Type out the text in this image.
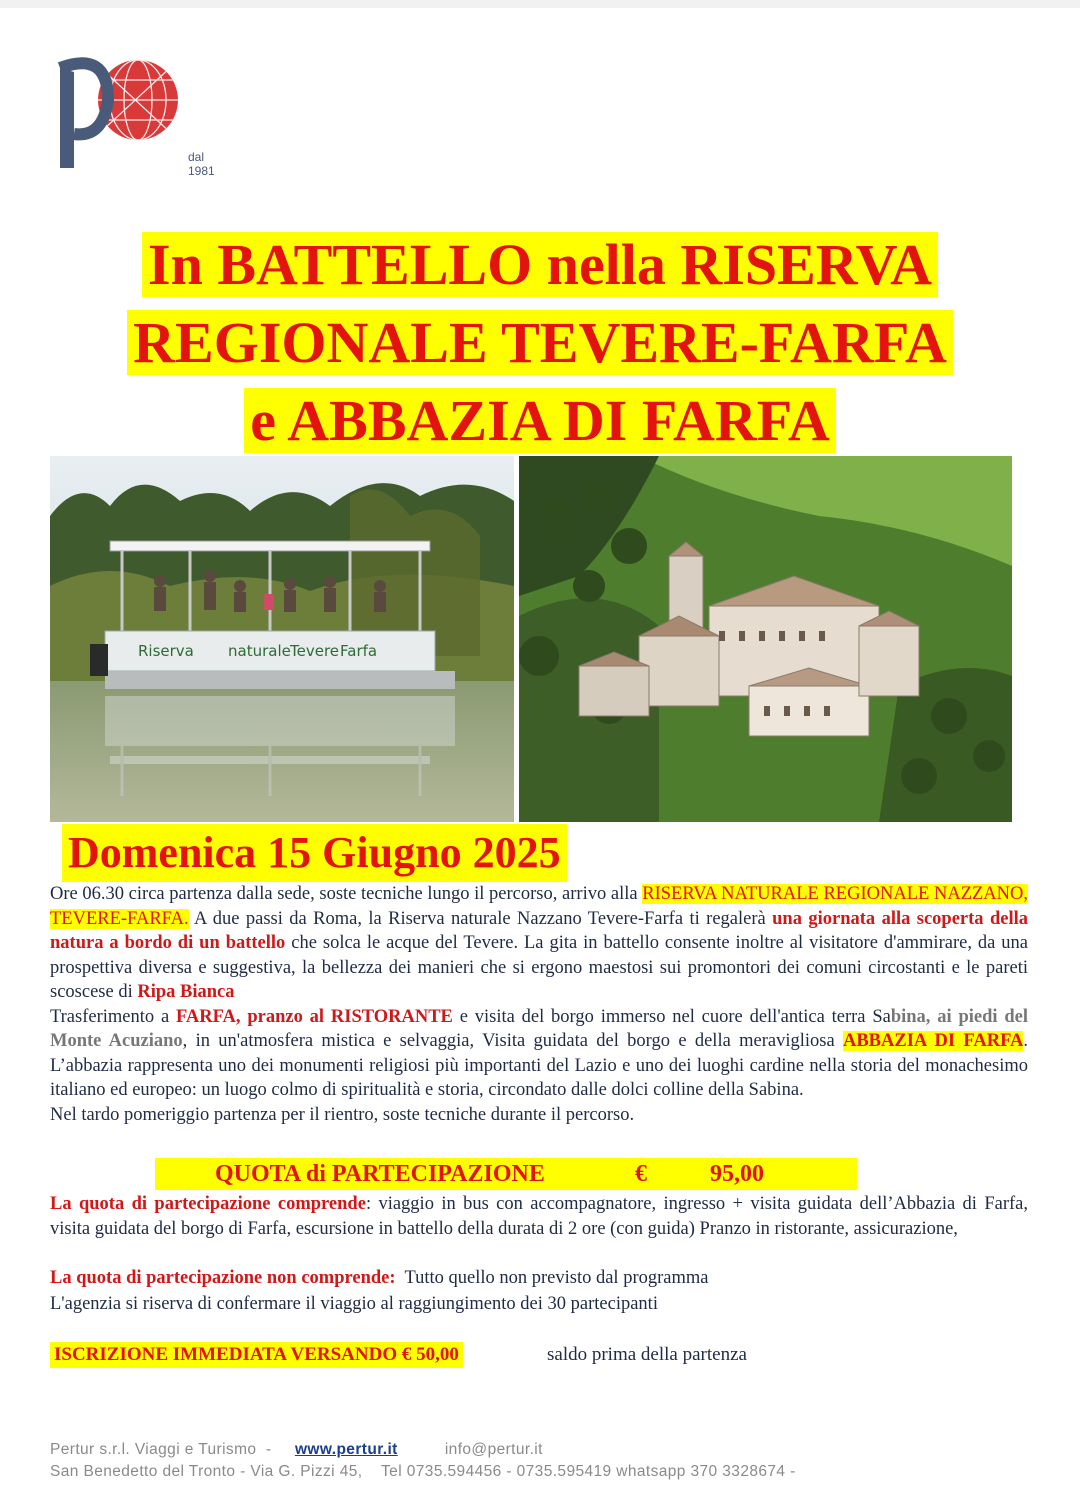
dal 1981
In BATTELLO nella RISERVA
REGIONALE TEVERE-FARFA
e ABBAZIA DI FARFA
Riserva naturale Tevere Farfa
Domenica 15 Giugno 2025
Ore 06.30 circa partenza dalla sede, soste tecniche lungo il percorso, arrivo alla RISERVA NATURALE REGIONALE NAZZANO, TEVERE-FARFA. A due passi da Roma, la Riserva naturale Nazzano Tevere-Farfa ti regalerà una giornata alla scoperta della natura a bordo di un battello che solca le acque del Tevere. La gita in battello consente inoltre al visitatore d'ammirare, da una prospettiva diversa e suggestiva, la bellezza dei manieri che si ergono maestosi sui promontori dei comuni circostanti e le pareti scoscese di Ripa Bianca
Trasferimento a FARFA, pranzo al RISTORANTE e visita del borgo immerso nel cuore dell'antica terra Sabina, ai piedi del Monte Acuziano, in un'atmosfera mistica e selvaggia, Visita guidata del borgo e della meravigliosa ABBAZIA DI FARFA. L’abbazia rappresenta uno dei monumenti religiosi più importanti del Lazio e uno dei luoghi cardine nella storia del monachesimo italiano ed europeo: un luogo colmo di spiritualità e storia, circondato dalle dolci colline della Sabina.
Nel tardo pomeriggio partenza per il rientro, soste tecniche durante il percorso.
QUOTA di PARTECIPAZIONE	€	95,00
La quota di partecipazione comprende: viaggio in bus con accompagnatore, ingresso + visita guidata dell’Abbazia di Farfa, visita guidata del borgo di Farfa, escursione in battello della durata di 2 ore (con guida) Pranzo in ristorante, assicurazione,
La quota di partecipazione non comprende: Tutto quello non previsto dal programma
L'agenzia si riserva di confermare il viaggio al raggiungimento dei 30 partecipanti
ISCRIZIONE IMMEDIATA VERSANDO € 50,00	saldo prima della partenza
Pertur s.r.l. Viaggi e Turismo  -     www.pertur.it	info@pertur.it
San Benedetto del Tronto - Via G. Pizzi 45, Tel 0735.594456 - 0735.595419 whatsapp 370 3328674 -
